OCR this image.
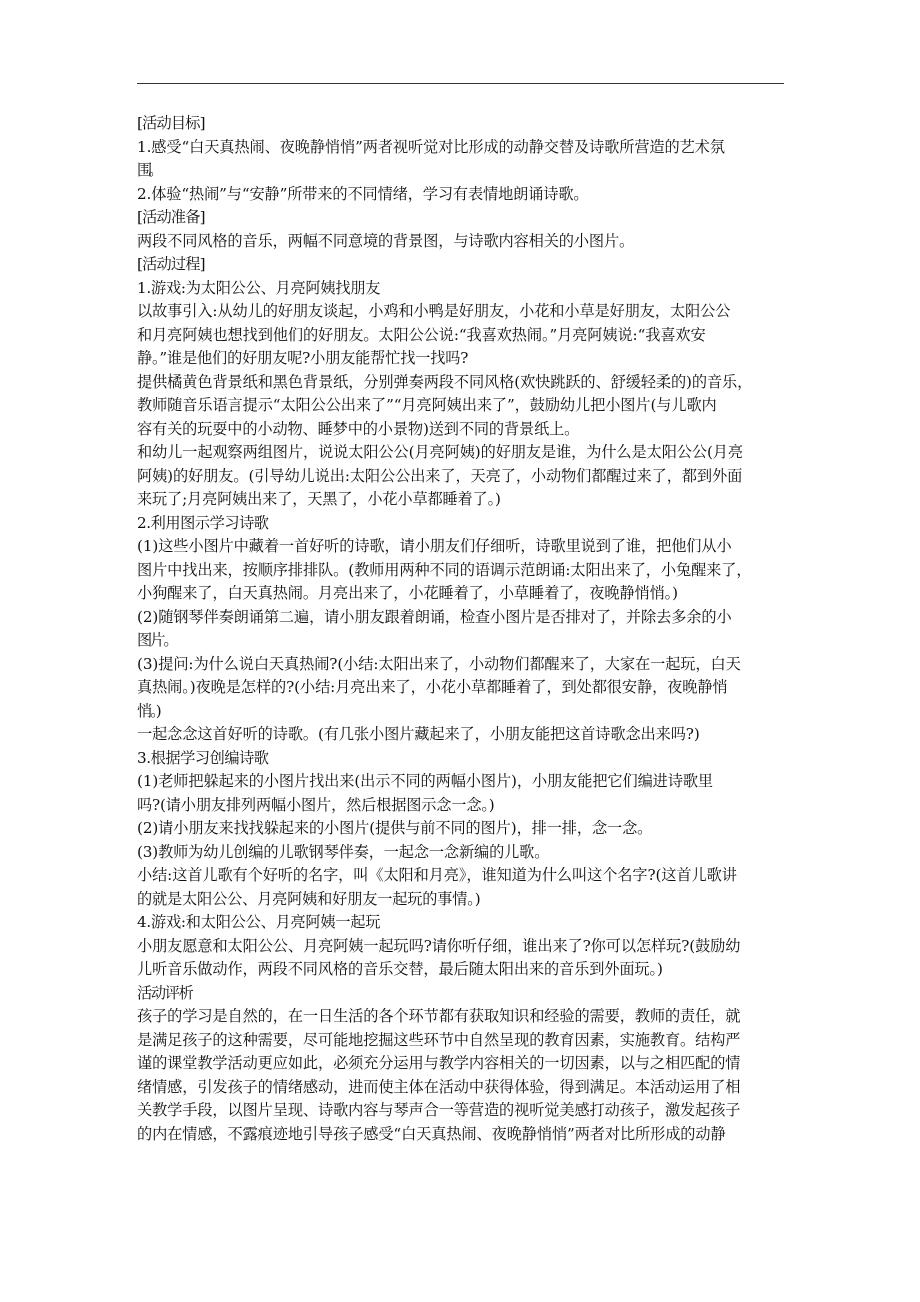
[活动目标]
1.感受“白天真热闹、夜晚静悄悄”两者视听觉对比形成的动静交替及诗歌所营造的艺术氛
围。
2.体验“热闹”与“安静”所带来的不同情绪，学习有表情地朗诵诗歌。
[活动准备]
两段不同风格的音乐，两幅不同意境的背景图，与诗歌内容相关的小图片。
[活动过程]
1.游戏:为太阳公公、月亮阿姨找朋友
以故事引入:从幼儿的好朋友谈起，小鸡和小鸭是好朋友，小花和小草是好朋友，太阳公公
和月亮阿姨也想找到他们的好朋友。太阳公公说:“我喜欢热闹。”月亮阿姨说:“我喜欢安
静。”谁是他们的好朋友呢?小朋友能帮忙找一找吗?
提供橘黄色背景纸和黑色背景纸，分别弹奏两段不同风格(欢快跳跃的、舒缓轻柔的)的音乐，
教师随音乐语言提示“太阳公公出来了”“月亮阿姨出来了”，鼓励幼儿把小图片(与儿歌内
容有关的玩耍中的小动物、睡梦中的小景物)送到不同的背景纸上。
和幼儿一起观察两组图片，说说太阳公公(月亮阿姨)的好朋友是谁，为什么是太阳公公(月亮
阿姨)的好朋友。(引导幼儿说出:太阳公公出来了，天亮了，小动物们都醒过来了，都到外面
来玩了;月亮阿姨出来了，天黑了，小花小草都睡着了。)
2.利用图示学习诗歌
(1)这些小图片中藏着一首好听的诗歌，请小朋友们仔细听，诗歌里说到了谁，把他们从小
图片中找出来，按顺序排排队。(教师用两种不同的语调示范朗诵:太阳出来了，小兔醒来了，
小狗醒来了，白天真热闹。月亮出来了，小花睡着了，小草睡着了，夜晚静悄悄。)
(2)随钢琴伴奏朗诵第二遍，请小朋友跟着朗诵，检查小图片是否排对了，并除去多余的小
图片。
(3)提问:为什么说白天真热闹?(小结:太阳出来了，小动物们都醒来了，大家在一起玩，白天
真热闹。)夜晚是怎样的?(小结:月亮出来了，小花小草都睡着了，到处都很安静，夜晚静悄
悄。)
一起念念这首好听的诗歌。(有几张小图片藏起来了，小朋友能把这首诗歌念出来吗?)
3.根据学习创编诗歌
(1)老师把躲起来的小图片找出来(出示不同的两幅小图片)，小朋友能把它们编进诗歌里
吗?(请小朋友排列两幅小图片，然后根据图示念一念。)
(2)请小朋友来找找躲起来的小图片(提供与前不同的图片)，排一排，念一念。
(3)教师为幼儿创编的儿歌钢琴伴奏，一起念一念新编的儿歌。
小结:这首儿歌有个好听的名字，叫《太阳和月亮》，谁知道为什么叫这个名字?(这首儿歌讲
的就是太阳公公、月亮阿姨和好朋友一起玩的事情。)
4.游戏:和太阳公公、月亮阿姨一起玩
小朋友愿意和太阳公公、月亮阿姨一起玩吗?请你听仔细，谁出来了?你可以怎样玩?(鼓励幼
儿听音乐做动作，两段不同风格的音乐交替，最后随太阳出来的音乐到外面玩。)
活动评析
孩子的学习是自然的，在一日生活的各个环节都有获取知识和经验的需要，教师的责任，就
是满足孩子的这种需要，尽可能地挖掘这些环节中自然呈现的教育因素，实施教育。结构严
谨的课堂教学活动更应如此，必须充分运用与教学内容相关的一切因素，以与之相匹配的情
绪情感，引发孩子的情绪感动，进而使主体在活动中获得体验，得到满足。本活动运用了相
关教学手段，以图片呈现、诗歌内容与琴声合一等营造的视听觉美感打动孩子，激发起孩子
的内在情感，不露痕迹地引导孩子感受“白天真热闹、夜晚静悄悄”两者对比所形成的动静
